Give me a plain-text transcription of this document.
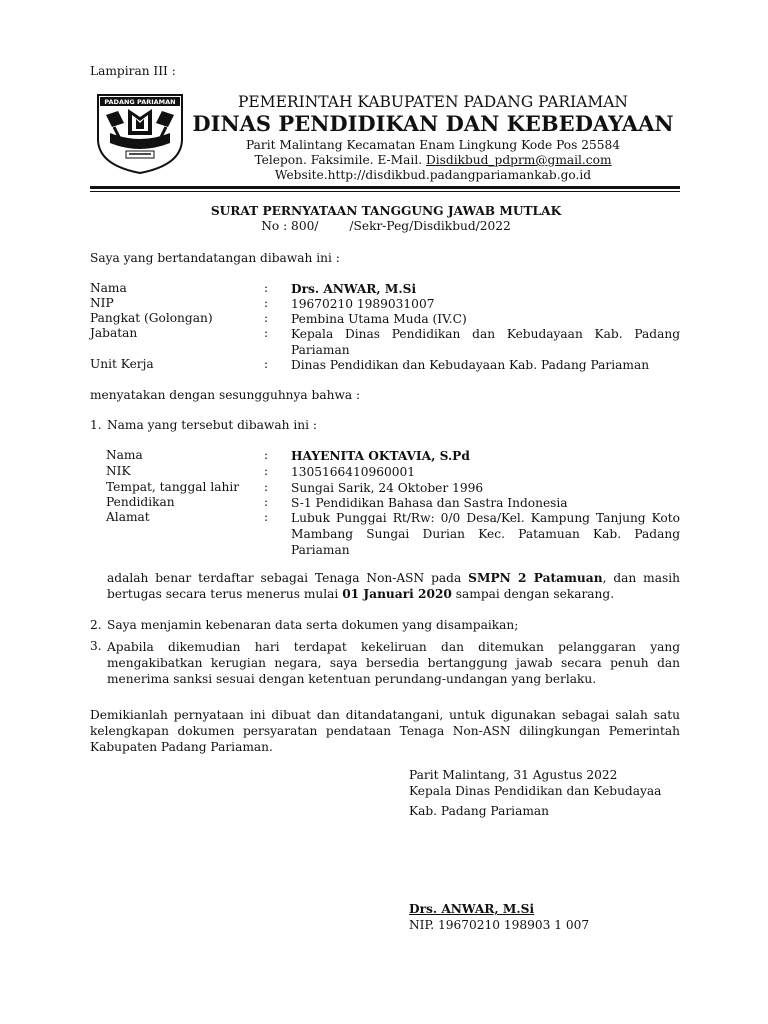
Lampiran III :
PADANG PARIAMAN	PEMERINTAH KABUPATEN PADANG PARIAMAN
DINAS PENDIDIKAN DAN KEBEDAYAAN
Parit Malintang Kecamatan Enam Lingkung Kode Pos 25584
Telepon. Faksimile. E-Mail. Disdikbud_pdprm@gmail.com
Website.http://disdikbud.padangpariamankab.go.id
SURAT PERNYATAAN TANGGUNG JAWAB MUTLAK
No : 800/        /Sekr-Peg/Disdikbud/2022
Saya yang bertandatangan dibawah ini :
Nama	: Drs. ANWAR, M.Si
NIP	: 19670210 1989031007
Pangkat (Golongan)	: Pembina Utama Muda (IV.C)
Jabatan	: Kepala Dinas Pendidikan dan Kebudayaan Kab. Padang Pariaman
Unit Kerja	: Dinas Pendidikan dan Kebudayaan Kab. Padang Pariaman
menyatakan dengan sesungguhnya bahwa :
1. Nama yang tersebut dibawah ini :
Nama	: HAYENITA OKTAVIA, S.Pd
NIK	: 1305166410960001
Tempat, tanggal lahir : Sungai Sarik, 24 Oktober 1996
Pendidikan	: S-1 Pendidikan Bahasa dan Sastra Indonesia
Alamat	: Lubuk Punggai Rt/Rw: 0/0 Desa/Kel. Kampung Tanjung Koto Mambang Sungai Durian Kec. Patamuan Kab. Padang Pariaman
adalah benar terdaftar sebagai Tenaga Non-ASN pada SMPN 2 Patamuan, dan masih bertugas secara terus menerus mulai 01 Januari 2020 sampai dengan sekarang.
2. Saya menjamin kebenaran data serta dokumen yang disampaikan;
3. Apabila dikemudian hari terdapat kekeliruan dan ditemukan pelanggaran yang mengakibatkan kerugian negara, saya bersedia bertanggung jawab secara penuh dan menerima sanksi sesuai dengan ketentuan perundang-undangan yang berlaku.
Demikianlah pernyataan ini dibuat dan ditandatangani, untuk digunakan sebagai salah satu kelengkapan dokumen persyaratan pendataan Tenaga Non-ASN dilingkungan Pemerintah Kabupaten Padang Pariaman.
Parit Malintang, 31 Agustus 2022
Kepala Dinas Pendidikan dan Kebudayaa
Kab. Padang Pariaman
Drs. ANWAR, M.Si
NIP. 19670210 198903 1 007
